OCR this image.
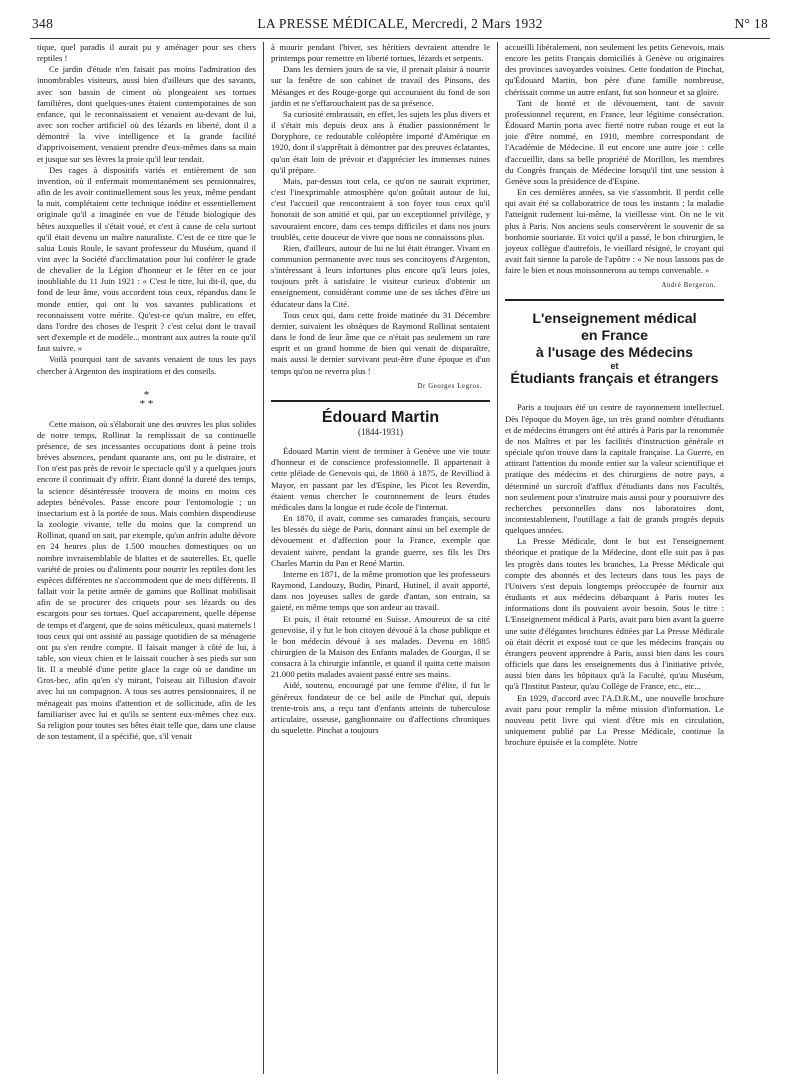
348	LA PRESSE MÉDICALE, Mercredi, 2 Mars 1932	N° 18

tique, quel paradis il aurait pu y aménager pour ses chers reptiles !

Ce jardin d'étude n'en faisait pas moins l'admiration des innombrables visiteurs, aussi bien d'ailleurs que des savants, avec son bassin de ciment où plongeaient ses tortues familières, dont quelques-unes étaient contemporaines de son enfance, qui le reconnaissaient et venaient au-devant de lui, avec son rocher artificiel où des lézards en liberté, dont il a démontré la vive intelligence et la grande facilité d'apprivoisement, venaient prendre d'eux-mêmes dans sa main et jusque sur ses lèvres la proie qu'il leur tendait.

Des cages à dispositifs variés et entièrement de son invention, où il enfermait momentanément ses pensionnaires, afin de les avoir continuellement sous les yeux, même pendant la nuit, complétaient cette technique inédite et essentiellement originale qu'il a imaginée en vue de l'étude biologique des bêtes auxquelles il s'était voué, et c'est à cause de cela surtout qu'il était devenu un maître naturaliste. C'est de ce titre que le salua Louis Roule, le savant professeur du Muséum, quand il vint avec la Société d'acclimatation pour lui conférer le grade de chevalier de la Légion d'honneur et le fêter en ce jour inoubliable du 11 Juin 1921 : « C'est le titre, lui dit-il, que, du fond de leur âme, vous accordent tous ceux, répandus dans le monde entier, qui ont lu vos savantes publications et reconnaissent votre mérite. Qu'est-ce qu'un maître, en effet, dans l'ordre des choses de l'esprit ? c'est celui dont le travail sert d'exemple et de modèle... montrant aux autres la route qu'il faut suivre. »

Voilà pourquoi tant de savants venaient de tous les pays chercher à Argenton des inspirations et des conseils.

*
* *

Cette maison, où s'élaborait une des œuvres les plus solides de notre temps, Rollinat la remplissait de sa continuelle présence, de ses incessantes occupations dont à peine trois brèves absences, pendant quarante ans, ont pu le distraire, et l'on n'est pas près de revoir le spectacle qu'il y a quelques jours encore il continuait d'y offrir. Étant donné la dureté des temps, la science désintéressée trouvera de moins en moins ces adeptes bénévoles. Passe encore pour l'entomologie ; un insectarium est à la portée de tous. Mais combien dispendieuse la zoologie vivante, telle du moins que la comprend un Rollinat, quand on sait, par exemple, qu'un anfrin adulte dévore en 24 heures plus de 1.500 mouches domestiques ou un nombre invraisemblable de blattes et de sauterelles. Et, quelle variété de proies ou d'aliments pour nourrir les reptiles dont les espèces différentes ne s'accommodent que de mets différents. Il fallait voir la petite armée de gamins que Rollinat mobilisait afin de se procurer des criquets pour ses lézards ou des escargots pour ses tortues. Quel accaparement, quelle dépense de temps et d'argent, que de soins méticuleux, quasi maternels ! tous ceux qui ont assisté au passage quotidien de sa ménagerie ont pu s'en rendre compte. Il faisait manger à côté de lui, à table, son vieux chien et le laissait coucher à ses pieds sur son lit. Il a meublé d'une petite glace la cage où se dandine un Gros-bec, afin qu'en s'y mirant, l'oiseau ait l'illusion d'avoir avec lui un compagnon. A tous ses autres pensionnaires, il ne ménageait pas moins d'attention et de sollicitude, afin de les familiariser avec lui et qu'ils se sentent eux-mêmes chez eux. Sa religion pour toutes ses bêtes était telle que, dans une clause de son testament, il a spécifié, que, s'il venait

à mourir pendant l'hiver, ses héritiers devraient attendre le printemps pour remettre en liberté tortues, lézards et serpents.

Dans les derniers jours de sa vie, il prenait plaisir à nourrir sur la fenêtre de son cabinet de travail des Pinsons, des Mésanges et des Rouge-gorge qui accouraient du fond de son jardin et ne s'effarouchaient pas de sa présence.

Sa curiosité embrassait, en effet, les sujets les plus divers et il s'était mis depuis deux ans à étudier passionnément le Doryphore, ce redoutable coléoptère importé d'Amérique en 1920, dont il s'apprêtait à démontrer par des preuves éclatantes, qu'on était loin de prévoir et d'apprécier les immenses ruines qu'il prépare.

Mais, par-dessus tout cela, ce qu'on ne saurait exprimer, c'est l'inexprimable atmosphère qu'on goûtait autour de lui, c'est l'accueil que rencontraient à son foyer tous ceux qu'il honorait de son amitié et qui, par un exceptionnel privilège, y savouraient encore, dans ces temps difficiles et dans nos jours troublés, cette douceur de vivre que nous ne connaissons plus.

Rien, d'ailleurs, autour de lui ne lui était étranger. Vivant en communion permanente avec tous ses concitoyens d'Argenton, s'intéressant à leurs infortunes plus encore qu'à leurs joies, toujours prêt à satisfaire le visiteur curieux d'obtenir un enseignement, considérant comme une de ses tâches d'être un éducateur dans la Cité.

Tous ceux qui, dans cette froide matinée du 31 Décembre dernier, suivaient les obsèques de Raymond Rollinat sentaient dans le fond de leur âme que ce n'était pas seulement un rare esprit et un grand homme de bien qui venait de disparaître, mais aussi le dernier survivant peut-être d'une époque et d'un temps qu'on ne reverra plus !

Dr Georges Legros.
Édouard Martin
(1844-1931)

Édouard Martin vient de terminer à Genève une vie toute d'honneur et de conscience professionnelle. Il appartenait à cette pléiade de Genevois qui, de 1860 à 1875, de Revilliod à Mayor, en passant par les d'Espine, les Picot les Reverdin, étaient venus chercher le couronnement de leurs études médicales dans la longue et rude école de l'internat.

En 1870, il avait, comme ses camarades français, secouru les blessés du siège de Paris, donnant ainsi un bel exemple de dévouement et d'affection pour la France, exemple que devaient suivre, pendant la grande guerre, ses fils les Drs Charles Martin du Pan et René Martin.

Interne en 1871, de la même promotion que les professeurs Raymond, Landouzy, Budin, Pinard, Hutinel, il avait apporté, dans nos joyeuses salles de garde d'antan, son entrain, sa gaieté, en même temps que son ardeur au travail.

Et puis, il était retourné en Suisse. Amoureux de sa cité genevoise, il y fut le bon citoyen dévoué à la chose publique et le bon médecin dévoué à ses malades. Devenu en 1885 chirurgien de la Maison des Enfants malades de Gourgas, il se consacra à la chirurgie infantile, et quand il quitta cette maison 21.000 petits malades avaient passé entre ses mains.

Aidé, soutenu, encouragé par une femme d'élite, il fut le généreux fondateur de ce bel asile de Pinchat qui, depuis trente-trois ans, a reçu tant d'enfants atteints de tuberculose articulaire, osseuse, ganglionnaire ou d'affections chroniques du squelette. Pinchat a toujours

accueilli libéralement, non seulement les petits Genevois, mais encore les petits Français domiciliés à Genève ou originaires des provinces savoyardes voisines. Cette fondation de Pinchat, qu'Édouard Martin, bon père d'une famille nombreuse, chérissait comme un autre enfant, fut son honneur et sa gloire.

Tant de bonté et de dévouement, tant de savoir professionnel reçurent, en France, leur légitime consécration. Édouard Martin porta avec fierté notre ruban rouge et eut la joie d'être nommé, en 1910, membre correspondant de l'Académie de Médecine. Il eut encore une autre joie : celle d'accueillir, dans sa belle propriété de Morillon, les membres du Congrès français de Médecine lorsqu'il tint une session à Genève sous la présidence de d'Espine.

En ces dernières années, sa vie s'assombrit. Il perdit celle qui avait été sa collaboratrice de tous les instants ; la maladie l'atteignit rudement lui-même, la vieillesse vint. On ne le vit plus à Paris. Nos anciens seuls conservèrent le souvenir de sa bonhomie souriante. Et voici qu'il a passé, le bon chirurgien, le joyeux collègue d'autrefois, le vieillard résigné, le croyant qui avait fait sienne la parole de l'apôtre : « Ne nous lassons pas de faire le bien et nous moissonnerons au temps convenable. »

André Bergeron.
L'enseignement médical
en France
à l'usage des Médecins
et
Étudiants français et étrangers

Paris a toujours été un centre de rayonnement intellectuel. Dès l'époque du Moyen âge, un très grand nombre d'étudiants et de médecins étrangers ont été attirés à Paris par la renommée de nos Maîtres et par les facilités d'instruction générale et spéciale qu'on trouve dans la capitale française. La Guerre, en attirant l'attention du monde entier sur la valeur scientifique et pratique des médecins et des chirurgiens de notre pays, a déterminé un surcroît d'afflux d'étudiants dans nos Facultés, non seulement pour s'instruire mais aussi pour y poursuivre des recherches personnelles dans nos laboratoires dont, incontestablement, l'outillage a fait de grands progrès depuis quelques années.

La Presse Médicale, dont le but est l'enseignement théorique et pratique de la Médecine, dont elle suit pas à pas les progrès dans toutes les branches, La Presse Médicale qui compte des abonnés et des lecteurs dans tous les pays de l'Univers s'est depuis longtemps préoccupée de fournir aux étudiants et aux médecins débarquant à Paris toutes les informations dont ils pouvaient avoir besoin. Sous le titre : L'Enseignement médical à Paris, avait paru bien avant la guerre une suite d'élégantes brochures éditées par La Presse Médicale où était décrit et exposé tout ce que les médecins français ou étrangers peuvent apprendre à Paris, aussi bien dans les cours officiels que dans les enseignements dus à l'initiative privée, aussi bien dans les hôpitaux qu'à la Faculté, qu'au Muséum, qu'à l'Institut Pasteur, qu'au Collège de France, etc., etc...

En 1929, d'accord avec l'A.D.R.M., une nouvelle brochure avait paru pour remplir la même mission d'information. Le nouveau petit livre qui vient d'être mis en circulation, uniquement publié par La Presse Médicale, continue la brochure épuisée et la complète. Notre
